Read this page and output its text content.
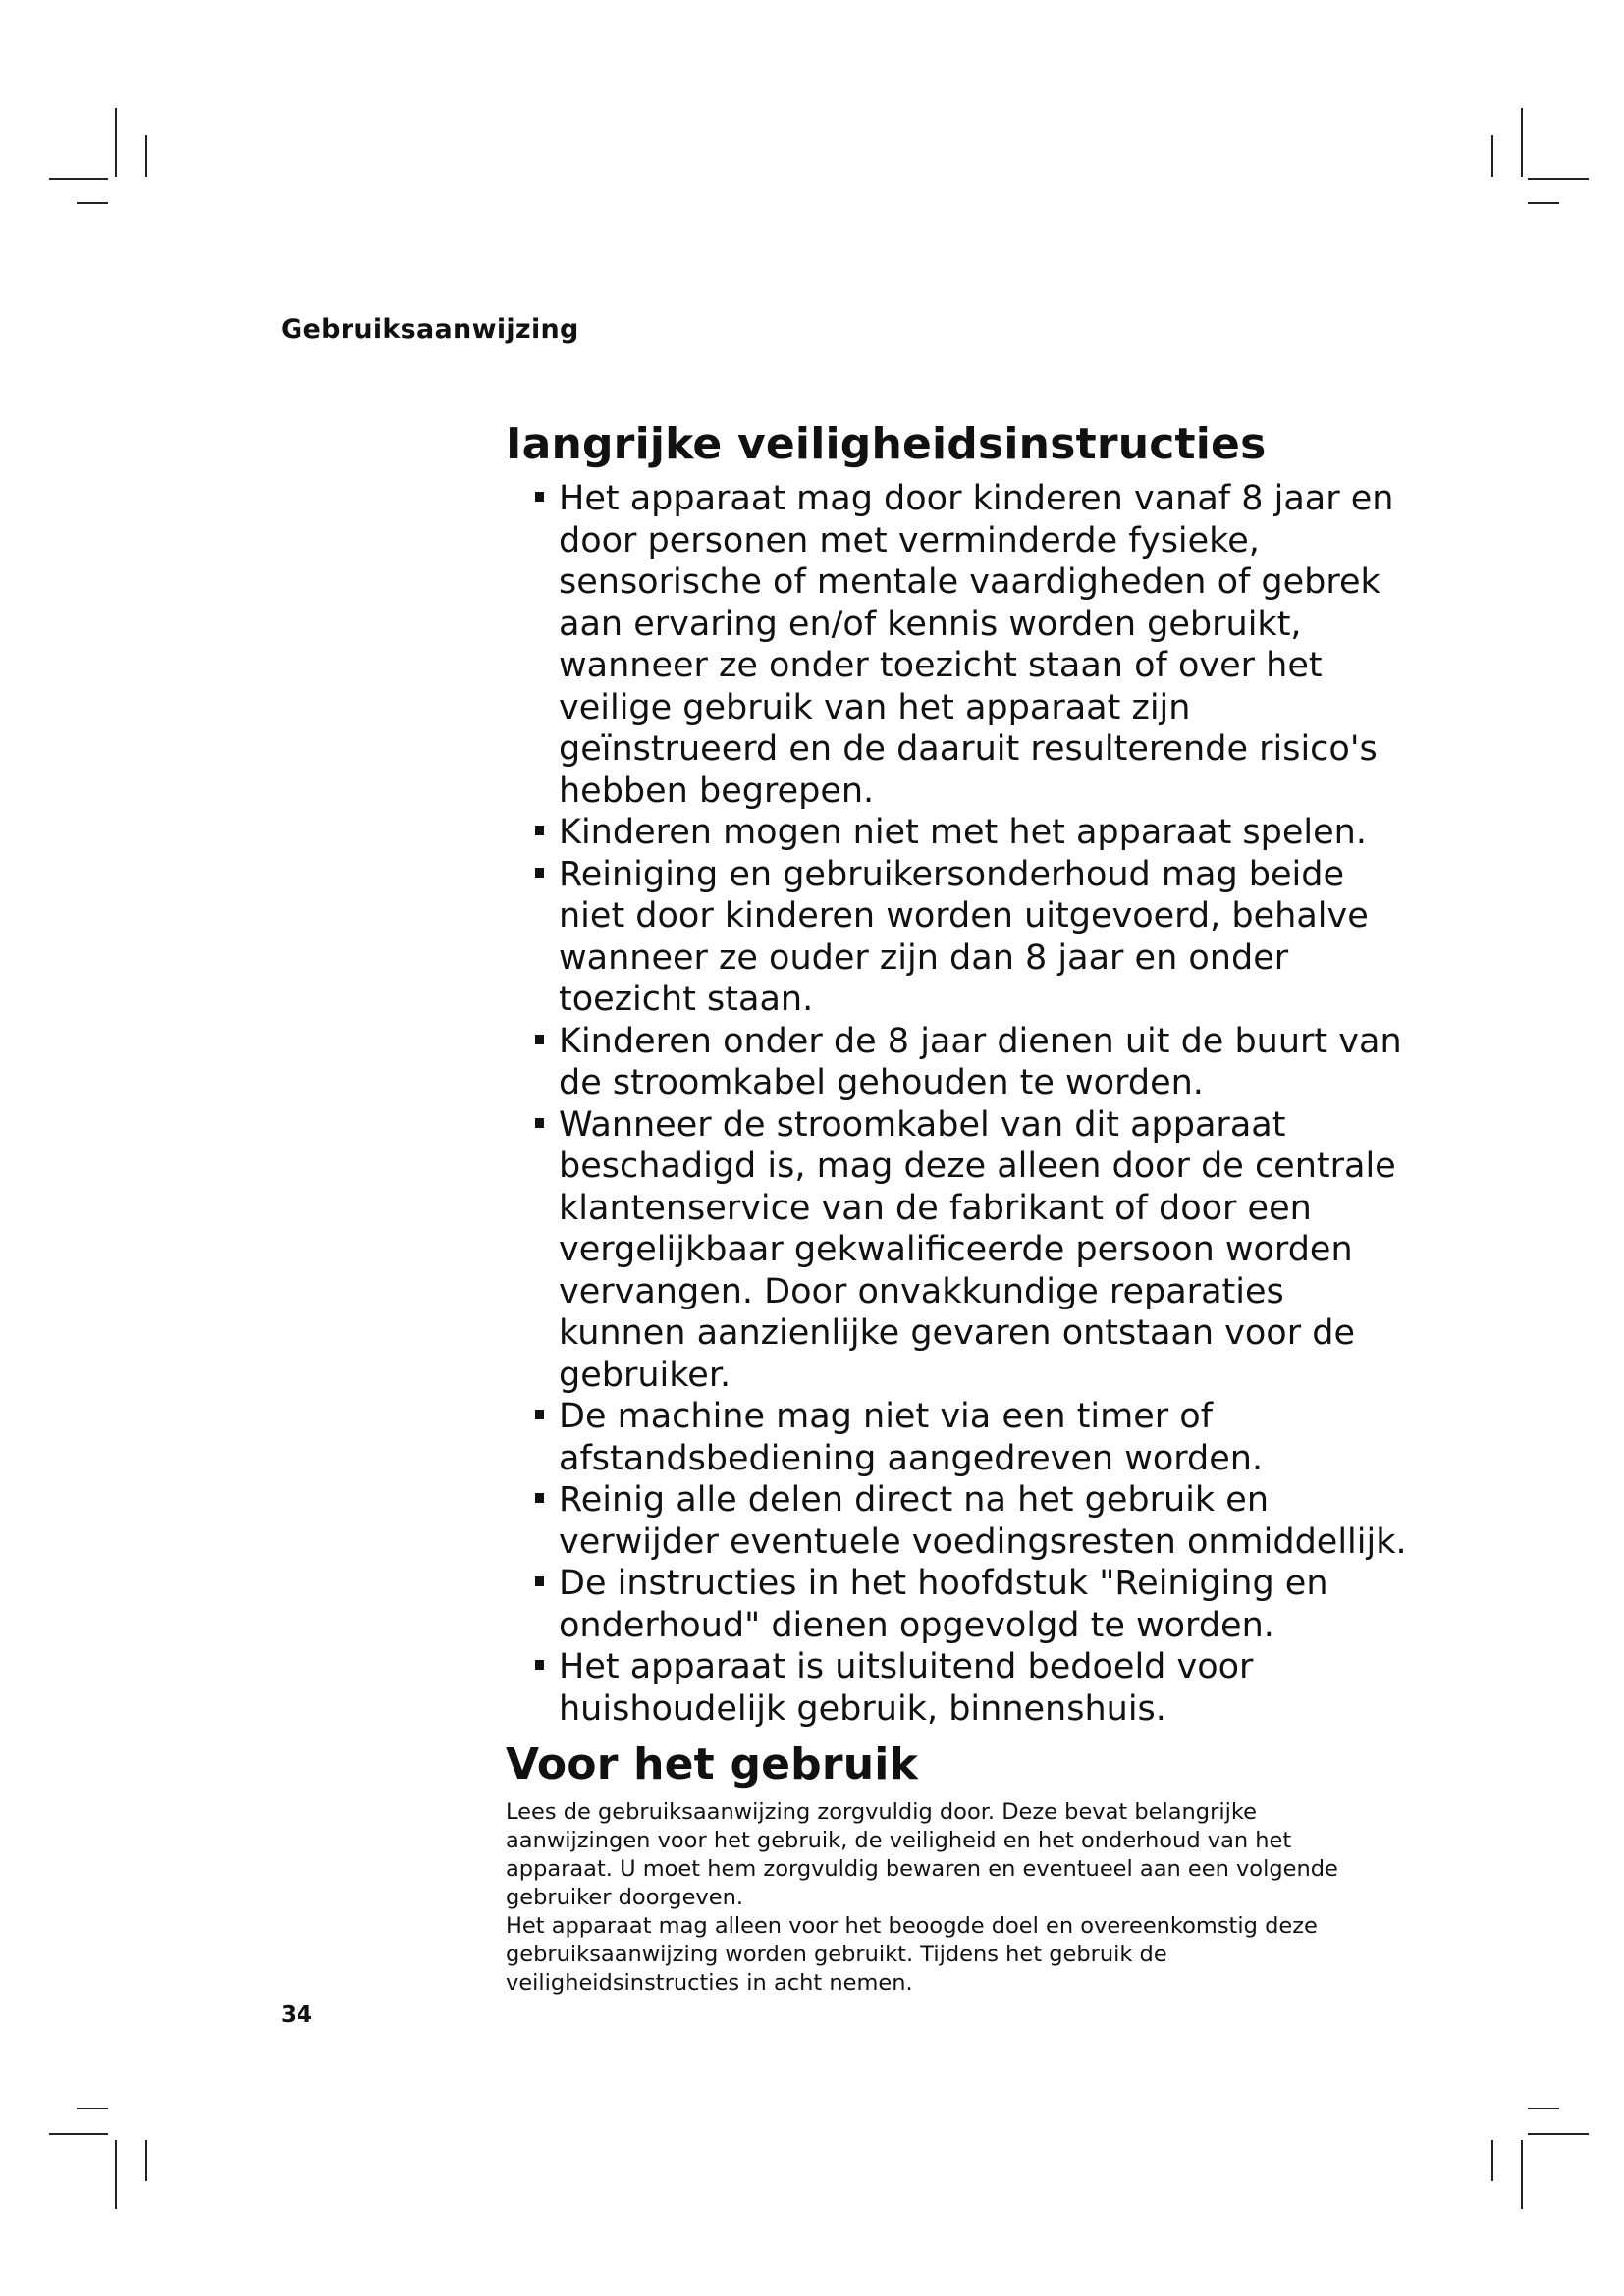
Gebruiksaanwijzing
Iangrijke veiligheidsinstructies
Het apparaat mag door kinderen vanaf 8 jaar en door personen met verminderde fysieke, sensorische of mentale vaardigheden of gebrek aan ervaring en/of kennis worden gebruikt, wanneer ze onder toezicht staan of over het veilige gebruik van het apparaat zijn geïnstrueerd en de daaruit resulterende risico's hebben begrepen.
Kinderen mogen niet met het apparaat spelen.
Reiniging en gebruikersonderhoud mag beide niet door kinderen worden uitgevoerd, behalve wanneer ze ouder zijn dan 8 jaar en onder toezicht staan.
Kinderen onder de 8 jaar dienen uit de buurt van de stroomkabel gehouden te worden.
Wanneer de stroomkabel van dit apparaat beschadigd is, mag deze alleen door de centrale klantenservice van de fabrikant of door een vergelijkbaar gekwalificeerde persoon worden vervangen. Door onvakkundige reparaties kunnen aanzienlijke gevaren ontstaan voor de gebruiker.
De machine mag niet via een timer of afstandsbediening aangedreven worden.
Reinig alle delen direct na het gebruik en verwijder eventuele voedingsresten onmiddellijk.
De instructies in het hoofdstuk "Reiniging en onderhoud" dienen opgevolgd te worden.
Het apparaat is uitsluitend bedoeld voor huishoudelijk gebruik, binnenshuis.
Voor het gebruik

Lees de gebruiksaanwijzing zorgvuldig door. Deze bevat belangrijke aanwijzingen voor het gebruik, de veiligheid en het onderhoud van het apparaat. U moet hem zorgvuldig bewaren en eventueel aan een volgende gebruiker doorgeven.

Het apparaat mag alleen voor het beoogde doel en overeenkomstig deze gebruiksaanwijzing worden gebruikt. Tijdens het gebruik de veiligheidsinstructies in acht nemen.

34
